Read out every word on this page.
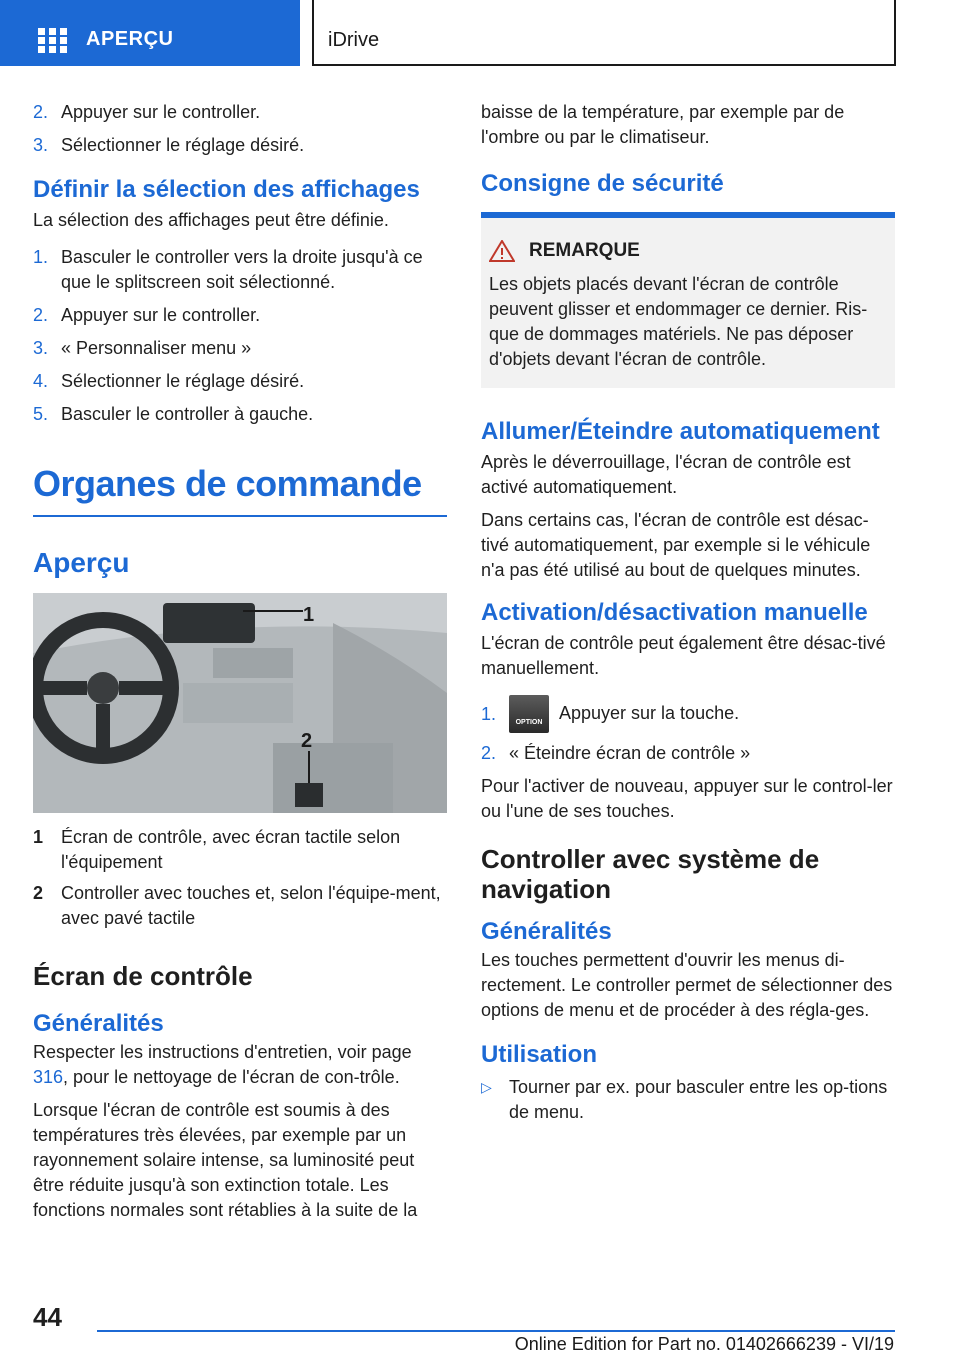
APERÇU	iDrive
2. Appuyer sur le controller.
3. Sélectionner le réglage désiré.
Définir la sélection des affichages

La sélection des affichages peut être définie.

1. Basculer le controller vers la droite jusqu'à ce que le splitscreen soit sélectionné.
2. Appuyer sur le controller.
3. « Personnaliser menu »
4. Sélectionner le réglage désiré.
5. Basculer le controller à gauche.
Organes de commande
Aperçu
1
2
1 Écran de contrôle, avec écran tactile selon l'équipement
2 Controller avec touches et, selon l'équipe-ment, avec pavé tactile
Écran de contrôle
Généralités

Respecter les instructions d'entretien, voir page 316, pour le nettoyage de l'écran de con-trôle.

Lorsque l'écran de contrôle est soumis à des températures très élevées, par exemple par un rayonnement solaire intense, sa luminosité peut être réduite jusqu'à son extinction totale. Les fonctions normales sont rétablies à la suite de la

baisse de la température, par exemple par de l'ombre ou par le climatiseur.

Consigne de sécurité
REMARQUE
Les objets placés devant l'écran de contrôle peuvent glisser et endommager ce dernier. Ris-que de dommages matériels. Ne pas déposer d'objets devant l'écran de contrôle.
Allumer/Éteindre automatiquement

Après le déverrouillage, l'écran de contrôle est activé automatiquement.

Dans certains cas, l'écran de contrôle est désac-tivé automatiquement, par exemple si le véhicule n'a pas été utilisé au bout de quelques minutes.

Activation/désactivation manuelle

L'écran de contrôle peut également être désac-tivé manuellement.

1.	OPTION Appuyer sur la touche.
2. « Éteindre écran de contrôle »

Pour l'activer de nouveau, appuyer sur le control-ler ou l'une de ses touches.

Controller avec système de navigation
Généralités

Les touches permettent d'ouvrir les menus di-rectement. Le controller permet de sélectionner des options de menu et de procéder à des régla-ges.

Utilisation
▷ Tourner par ex. pour basculer entre les op-tions de menu.
44
Online Edition for Part no. 01402666239 - VI/19
